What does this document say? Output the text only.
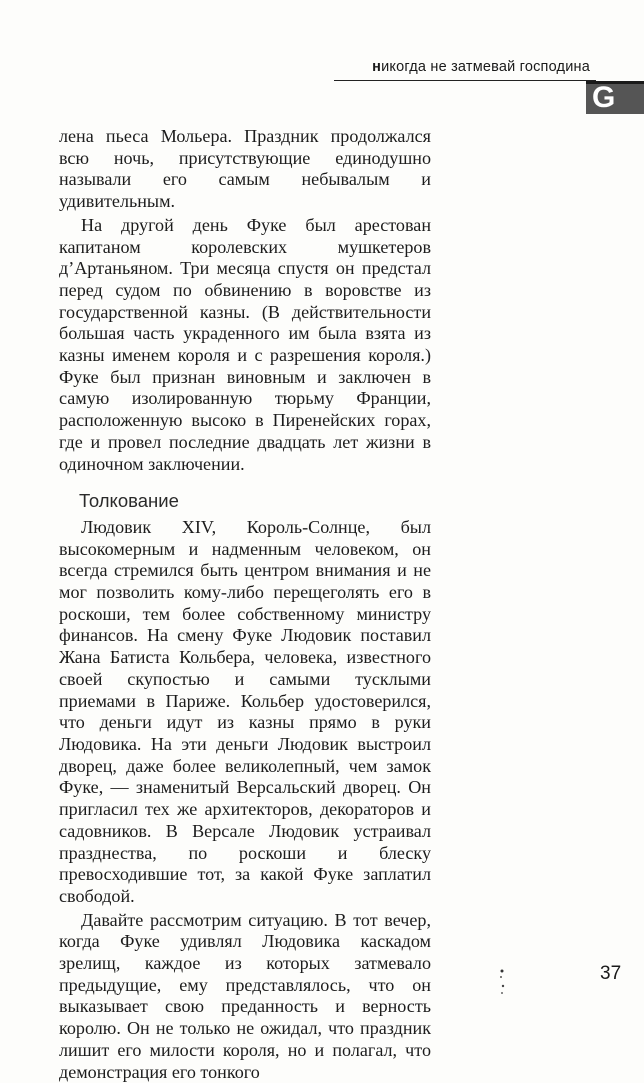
никогда не затмевай господина
G

лена пьеса Мольера. Праздник продолжался всю ночь, присутствующие единодушно называли его самым небывалым и удивительным.

На другой день Фуке был арестован капитаном королевских мушкетеров д’Артаньяном. Три месяца спустя он предстал перед судом по обвинению в воровстве из государственной казны. (В действительности большая часть украденного им была взята из казны именем короля и с разрешения короля.) Фуке был признан виновным и заключен в самую изолированную тюрьму Франции, расположенную высоко в Пиренейских горах, где и провел последние двадцать лет жизни в одиночном заключении.

Толкование

Людовик XIV, Король-Солнце, был высокомерным и надменным человеком, он всегда стремился быть центром внимания и не мог позволить кому-либо перещеголять его в роскоши, тем более собственному министру финансов. На смену Фуке Людовик поставил Жана Батиста Кольбера, человека, известного своей скупостью и самыми тусклыми приемами в Париже. Кольбер удостоверился, что деньги идут из казны прямо в руки Людовика. На эти деньги Людовик выстроил дворец, даже более великолепный, чем замок Фуке, — знаменитый Версальский дворец. Он пригласил тех же архитекторов, декораторов и садовников. В Версале Людовик устраивал празднества, по роскоши и блеску превосходившие тот, за какой Фуке заплатил свободой.

Давайте рассмотрим ситуацию. В тот вечер, когда Фуке удивлял Людовика каскадом зрелищ, каждое из которых затмевало предыдущие, ему представлялось, что он выказывает свою преданность и верность королю. Он не только не ожидал, что праздник лишит его милости короля, но и полагал, что демонстрация его тонкого

37
